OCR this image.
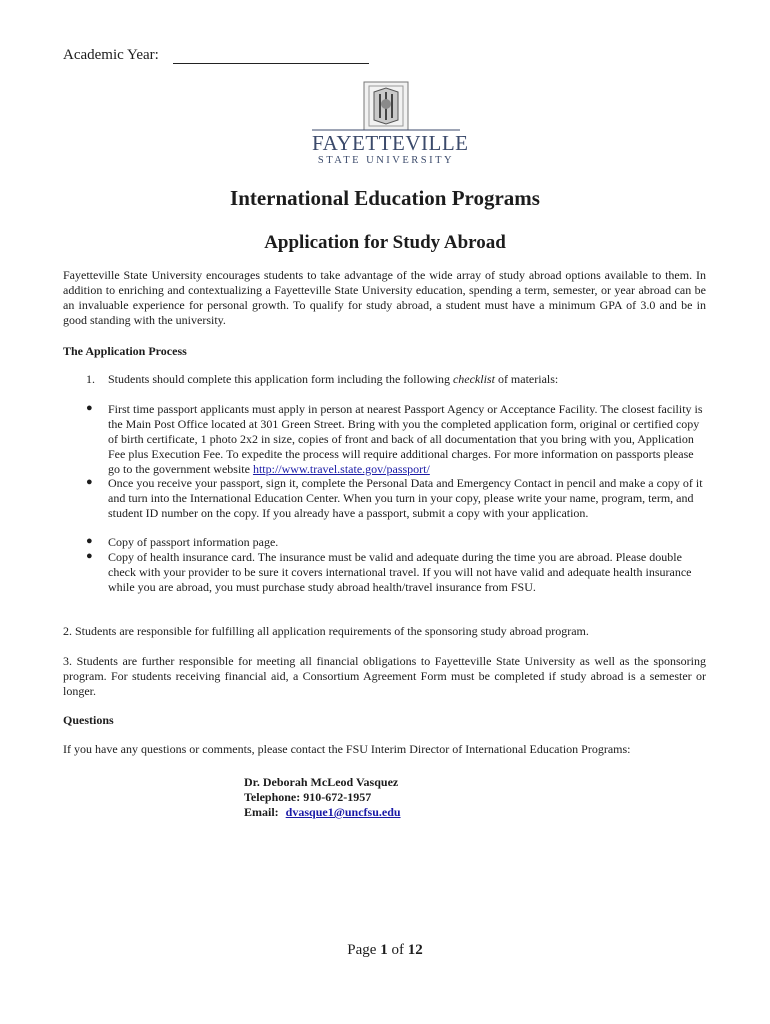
Academic Year:
FAYETTEVILLE
STATE UNIVERSITY
International Education Programs
Application for Study Abroad
Fayetteville State University encourages students to take advantage of the wide array of study abroad options available to them. In addition to enriching and contextualizing a Fayetteville State University education, spending a term, semester, or year abroad can be an invaluable experience for personal growth. To qualify for study abroad, a student must have a minimum GPA of 3.0 and be in good standing with the university.
The Application Process
1. Students should complete this application form including the following checklist of materials:
● First time passport applicants must apply in person at nearest Passport Agency or Acceptance Facility. The closest facility is the Main Post Office located at 301 Green Street. Bring with you the completed application form, original or certified copy of birth certificate, 1 photo 2x2 in size, copies of front and back of all documentation that you bring with you, Application Fee plus Execution Fee. To expedite the process will require additional charges. For more information on passports please go to the government website http://www.travel.state.gov/passport/
● Once you receive your passport, sign it, complete the Personal Data and Emergency Contact in pencil and make a copy of it and turn into the International Education Center. When you turn in your copy, please write your name, program, term, and student ID number on the copy. If you already have a passport, submit a copy with your application.
● Copy of passport information page.
● Copy of health insurance card. The insurance must be valid and adequate during the time you are abroad. Please double check with your provider to be sure it covers international travel. If you will not have valid and adequate health insurance while you are abroad, you must purchase study abroad health/travel insurance from FSU.
2. Students are responsible for fulfilling all application requirements of the sponsoring study abroad program.
3. Students are further responsible for meeting all financial obligations to Fayetteville State University as well as the sponsoring program. For students receiving financial aid, a Consortium Agreement Form must be completed if study abroad is a semester or longer.
Questions
If you have any questions or comments, please contact the FSU Interim Director of International Education Programs:
Dr. Deborah McLeod Vasquez
Telephone: 910-672-1957
Email: dvasque1@uncfsu.edu
Page 1 of 12
